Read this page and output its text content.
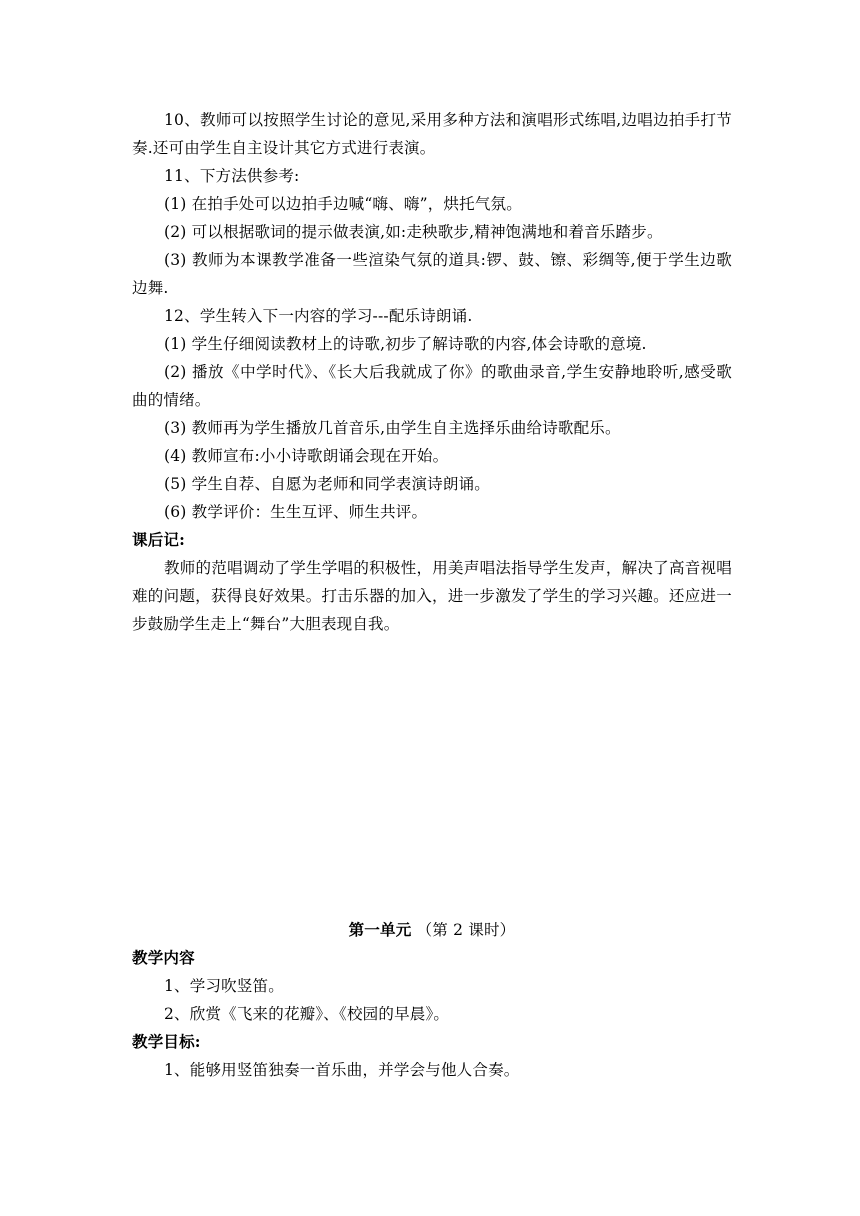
10、教师可以按照学生讨论的意见,采用多种方法和演唱形式练唱,边唱边拍手打节奏.还可由学生自主设计其它方式进行表演。

11、下方法供参考:

(1) 在拍手处可以边拍手边喊“嗨、嗨”，烘托气氛。

(2) 可以根据歌词的提示做表演,如:走秧歌步,精神饱满地和着音乐踏步。

(3) 教师为本课教学准备一些渲染气氛的道具:锣、鼓、镲、彩绸等,便于学生边歌边舞.

12、学生转入下一内容的学习---配乐诗朗诵.

(1) 学生仔细阅读教材上的诗歌,初步了解诗歌的内容,体会诗歌的意境.

(2) 播放《中学时代》、《长大后我就成了你》的歌曲录音,学生安静地聆听,感受歌曲的情绪。

(3) 教师再为学生播放几首音乐,由学生自主选择乐曲给诗歌配乐。

(4) 教师宣布:小小诗歌朗诵会现在开始。

(5) 学生自荐、自愿为老师和同学表演诗朗诵。

(6) 教学评价：生生互评、师生共评。

课后记:

教师的范唱调动了学生学唱的积极性，用美声唱法指导学生发声，解决了高音视唱难的问题，获得良好效果。打击乐器的加入，进一步激发了学生的学习兴趣。还应进一步鼓励学生走上“舞台”大胆表现自我。

第一单元 （第 2 课时）

教学内容

1、学习吹竖笛。

2、欣赏《飞来的花瓣》、《校园的早晨》。

教学目标:

1、能够用竖笛独奏一首乐曲，并学会与他人合奏。
